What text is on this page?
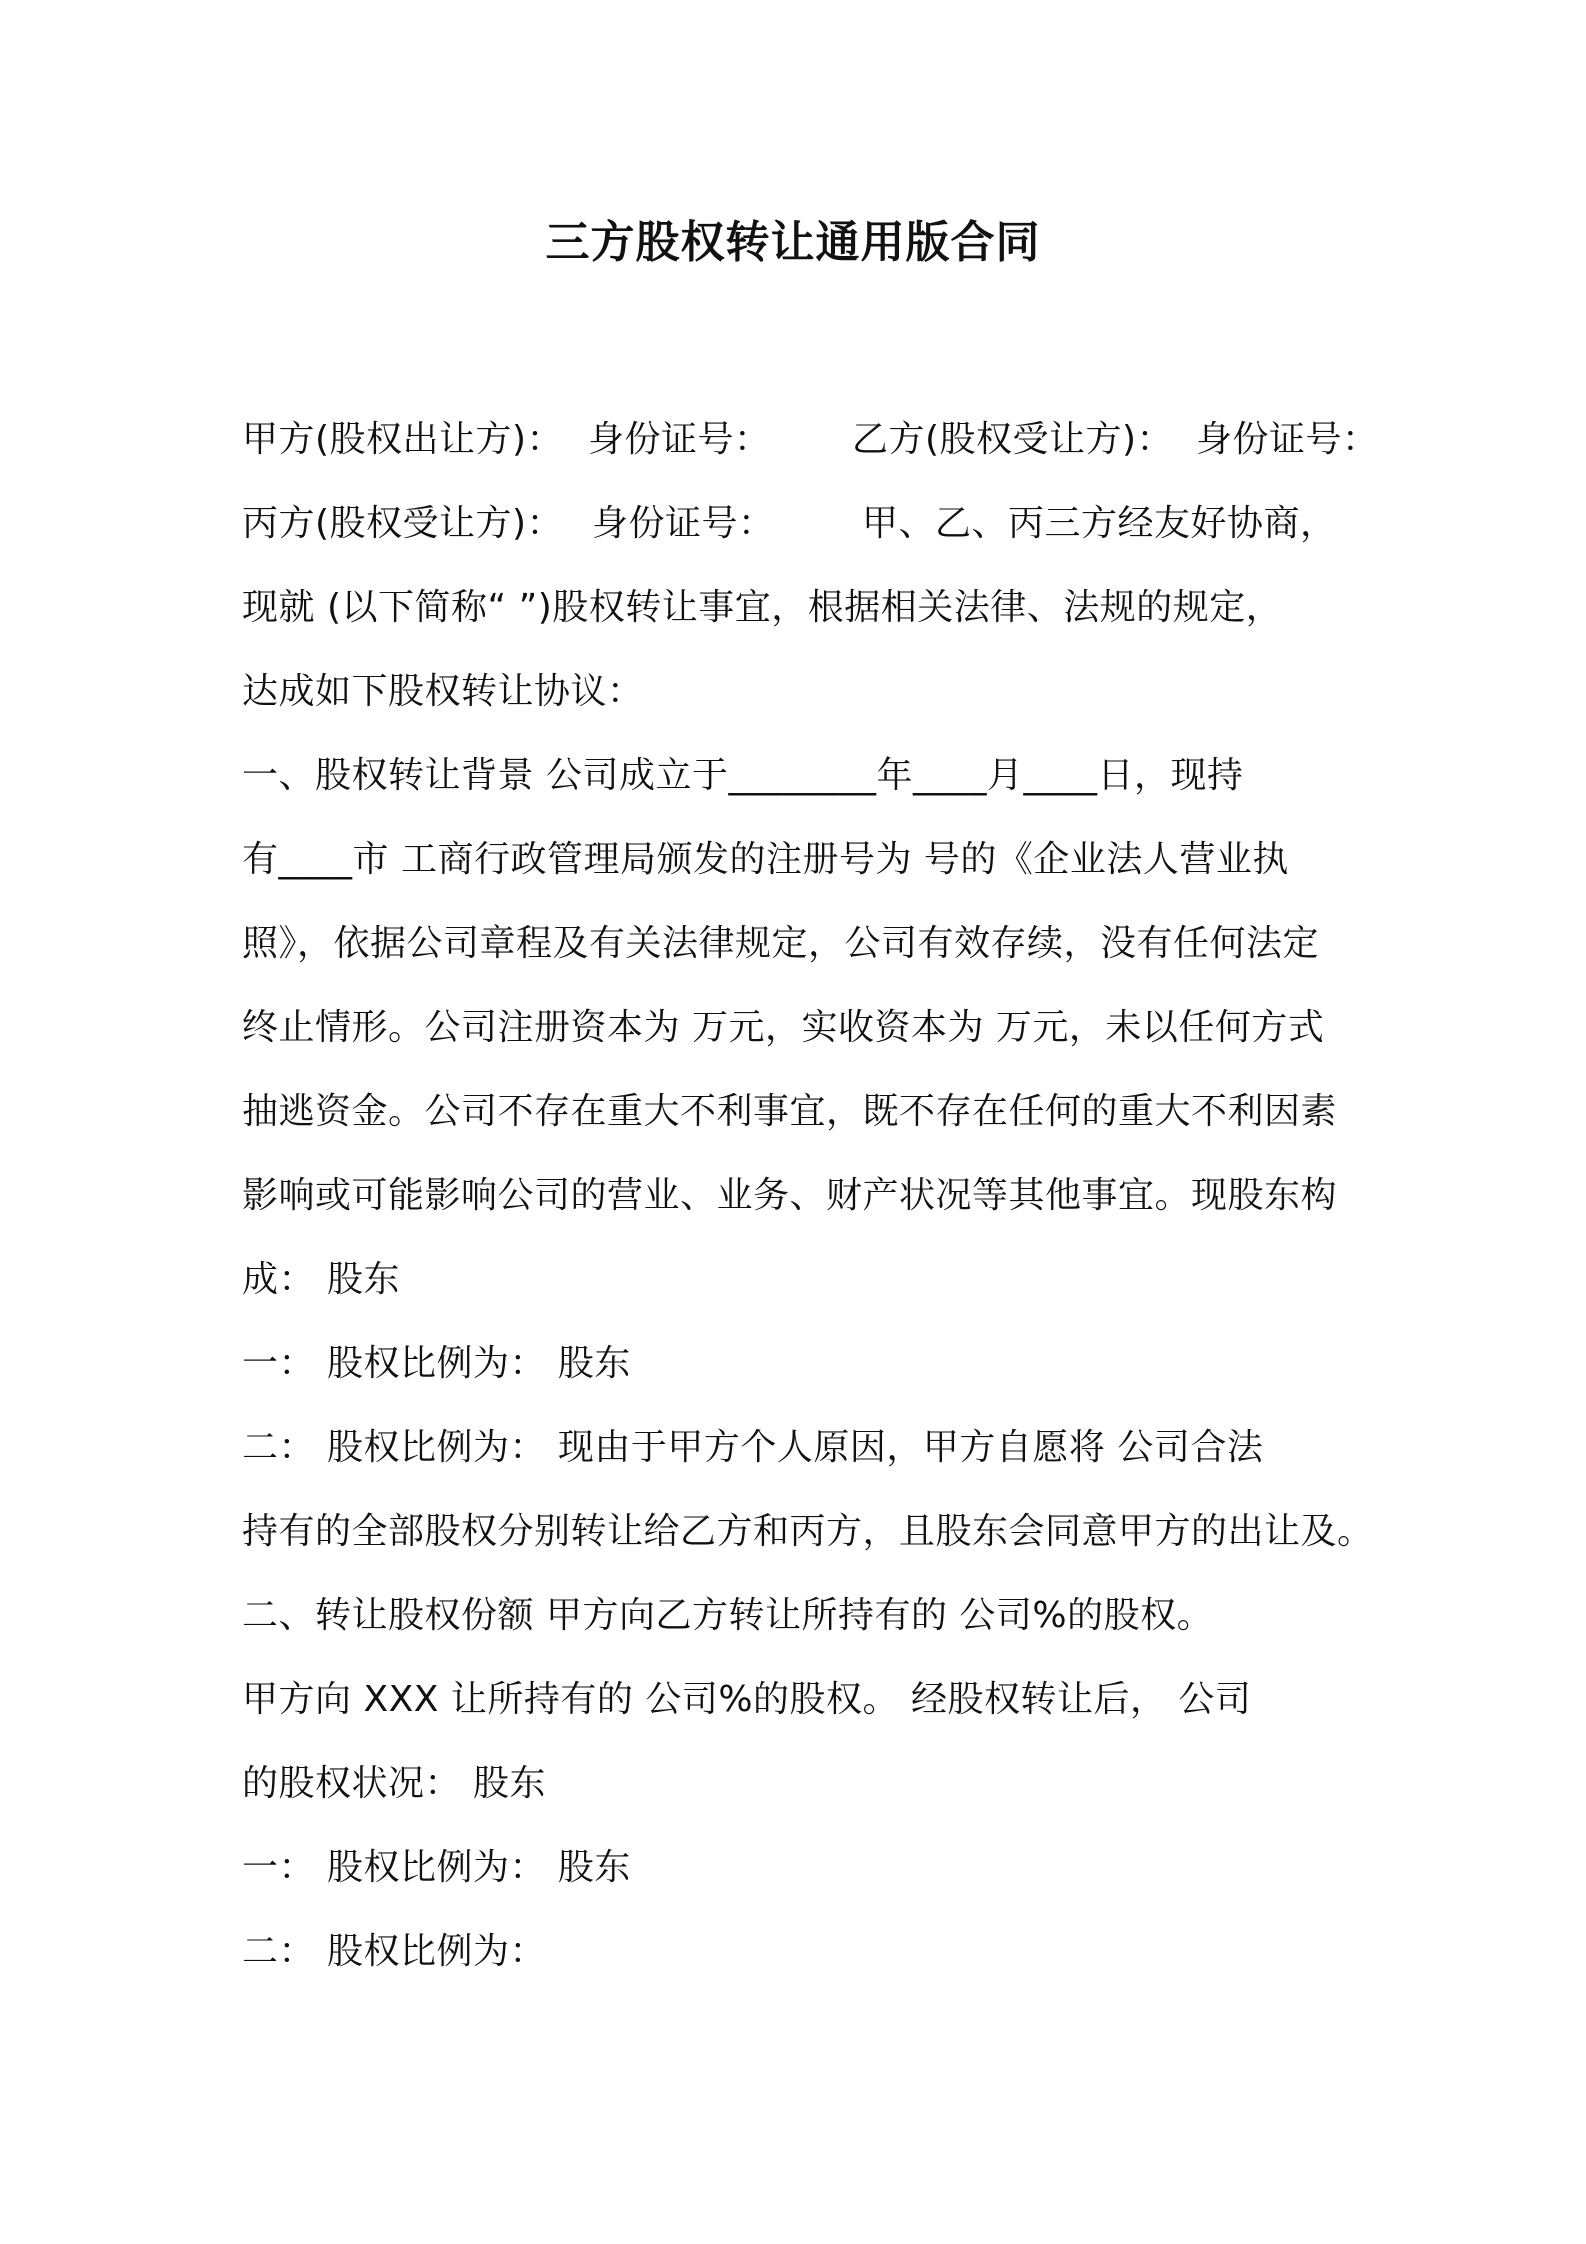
三方股权转让通用版合同
甲方(股权出让方)： 身份证号： 乙方(股权受让方)： 身份证号：
丙方(股权受让方)： 身份证号： 甲、乙、丙三方经友好协商，
现就 (以下简称“ ”)股权转让事宜，根据相关法律、法规的规定，
达成如下股权转让协议：
一、股权转让背景 公司成立于________年____月____日，现持
有____市 工商行政管理局颁发的注册号为 号的《企业法人营业执
照》，依据公司章程及有关法律规定，公司有效存续，没有任何法定
终止情形。公司注册资本为 万元，实收资本为 万元，未以任何方式
抽逃资金。公司不存在重大不利事宜，既不存在任何的重大不利因素
影响或可能影响公司的营业、业务、财产状况等其他事宜。现股东构
成： 股东
一： 股权比例为： 股东
二： 股权比例为： 现由于甲方个人原因，甲方自愿将 公司合法
持有的全部股权分别转让给乙方和丙方，且股东会同意甲方的出让及。
二、转让股权份额 甲方向乙方转让所持有的 公司%的股权。
甲方向 XXX 让所持有的 公司%的股权。 经股权转让后， 公司
的股权状况： 股东
一： 股权比例为： 股东
二： 股权比例为：
